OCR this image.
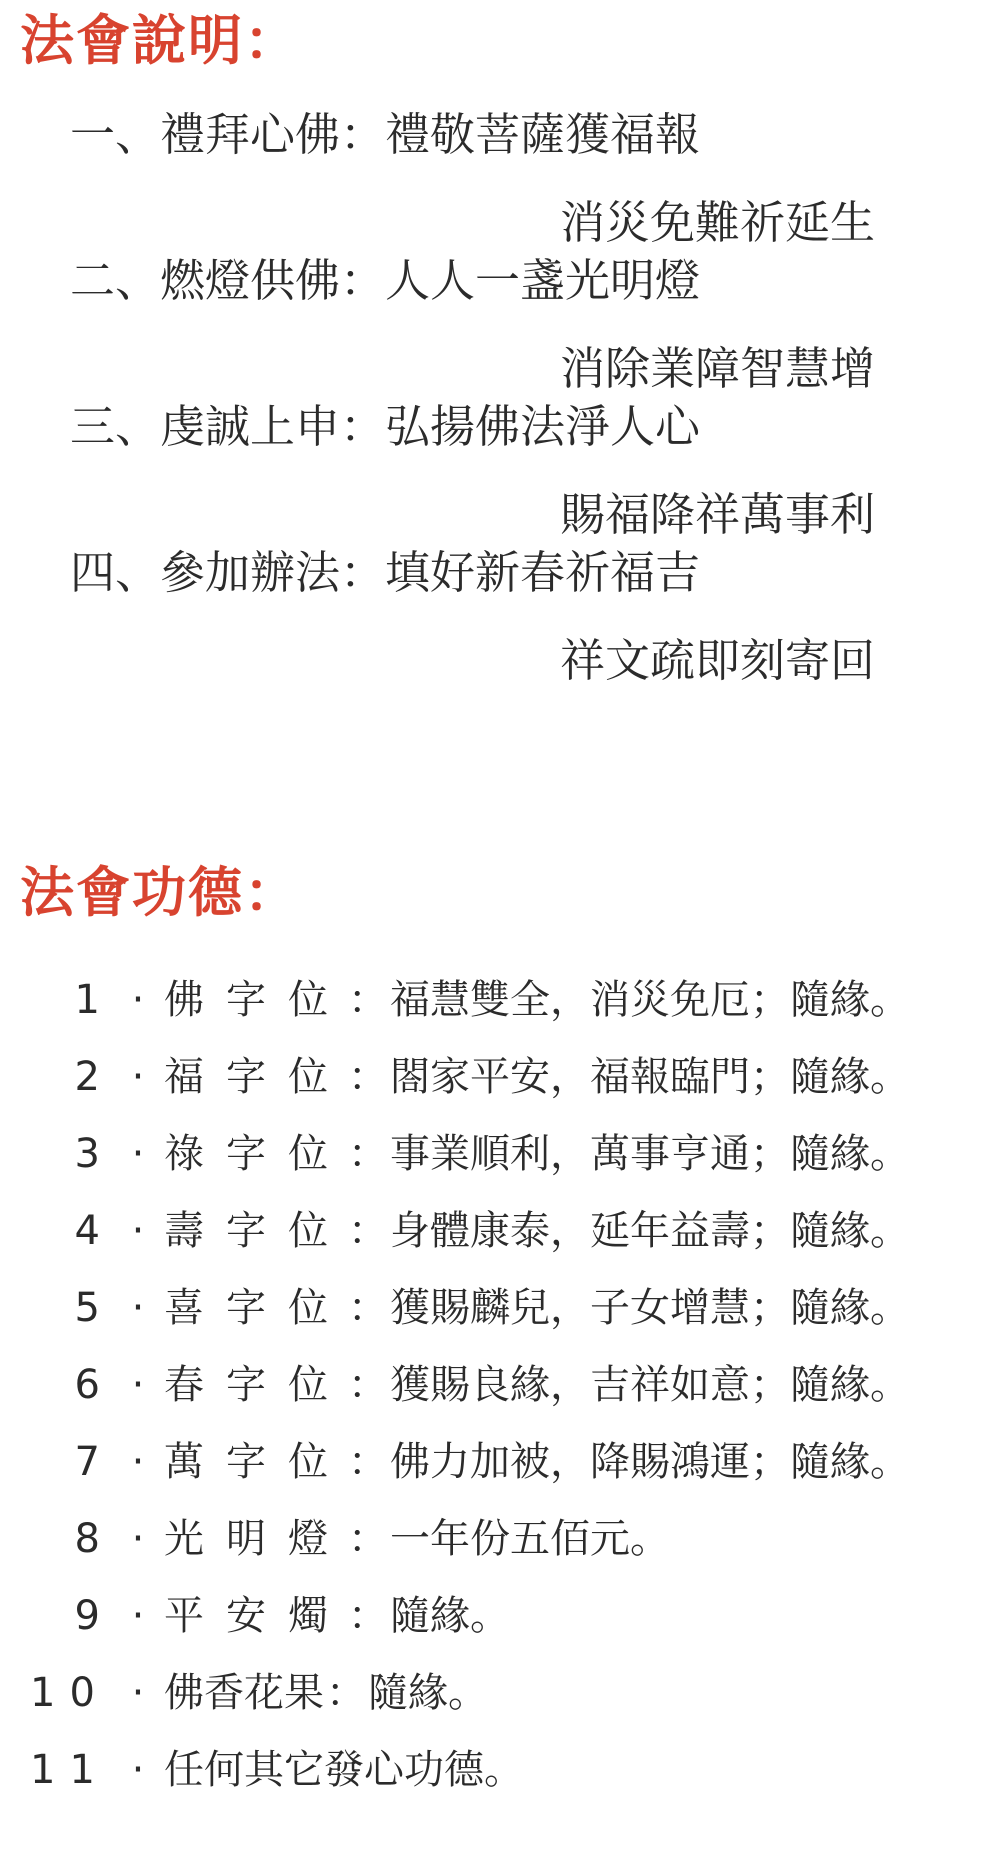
法會說明：
一、禮拜心佛：禮敬菩薩獲福報
消災免難祈延生
二、燃燈供佛：人人一盞光明燈
消除業障智慧增
三、虔誠上申：弘揚佛法淨人心
賜福降祥萬事利
四、參加辦法：填好新春祈福吉
祥文疏即刻寄回
法會功德：
1 · 佛字位
： 福慧雙全，消災免厄；隨緣。
2 · 福字位
： 閤家平安，福報臨門；隨緣。
3 · 祿字位
： 事業順利，萬事亨通；隨緣。
4 · 壽字位
： 身體康泰，延年益壽；隨緣。
5 · 喜字位
： 獲賜麟兒，子女增慧；隨緣。
6 · 春字位
： 獲賜良緣，吉祥如意；隨緣。
7 · 萬字位
： 佛力加被，降賜鴻運；隨緣。
8 · 光明燈
： 一年份五佰元。
9 · 平安燭
： 隨緣。
10 · 佛香花果 ： 隨緣。
11 · 任何其它發心功德。
